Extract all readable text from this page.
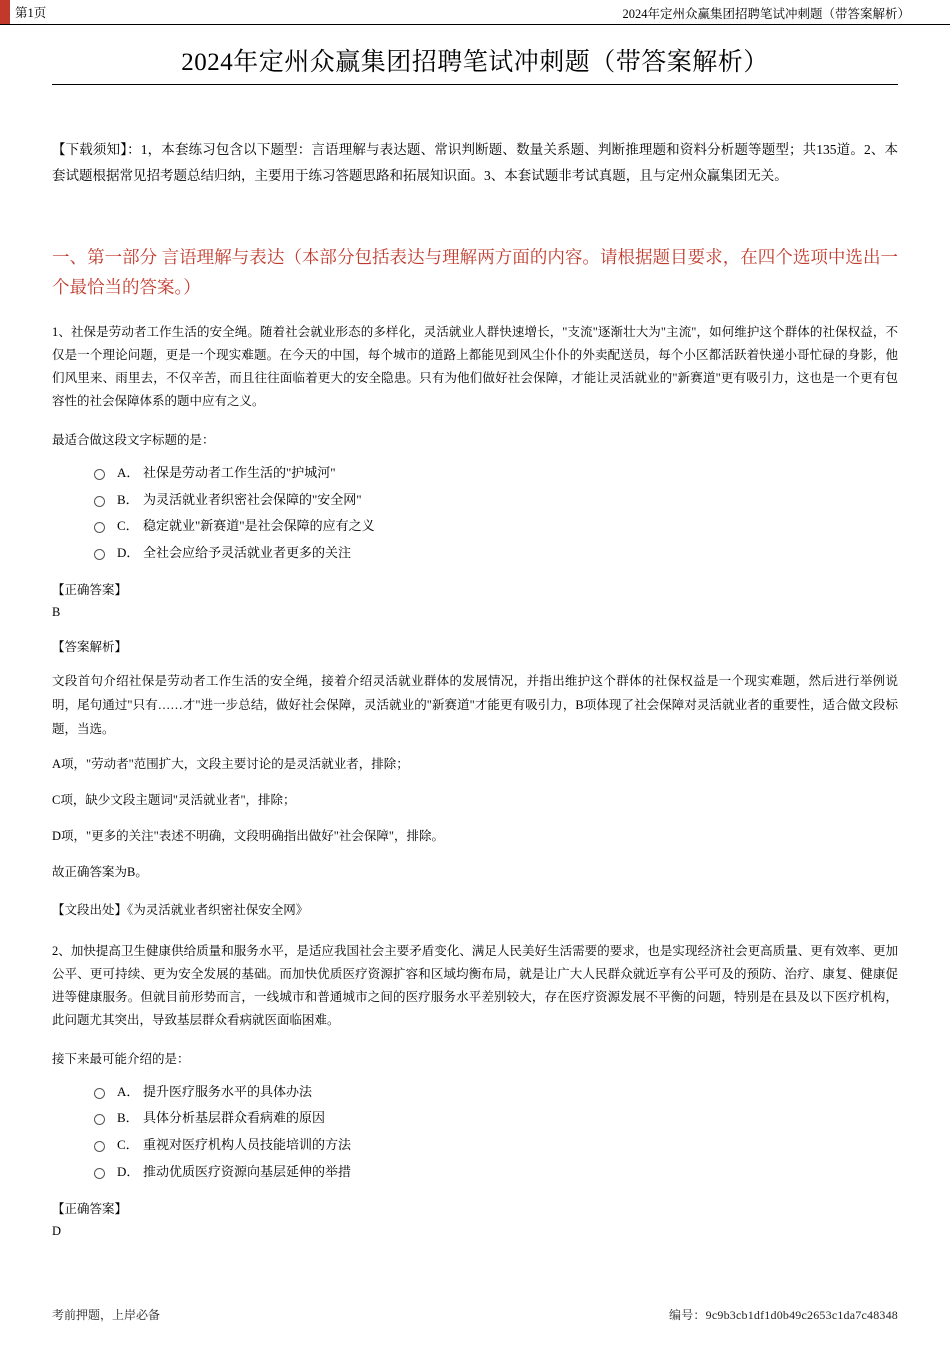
第1页	2024年定州众赢集团招聘笔试冲刺题（带答案解析）
2024年定州众赢集团招聘笔试冲刺题（带答案解析）
【下载须知】：1，本套练习包含以下题型：言语理解与表达题、常识判断题、数量关系题、判断推理题和资料分析题等题型；共135道。2、本套试题根据常见招考题总结归纳，主要用于练习答题思路和拓展知识面。3、本套试题非考试真题，且与定州众赢集团无关。
一、第一部分 言语理解与表达（本部分包括表达与理解两方面的内容。请根据题目要求，在四个选项中选出一个最恰当的答案。）
1、社保是劳动者工作生活的安全绳。随着社会就业形态的多样化，灵活就业人群快速增长，"支流"逐渐壮大为"主流"，如何维护这个群体的社保权益，不仅是一个理论问题，更是一个现实难题。在今天的中国，每个城市的道路上都能见到风尘仆仆的外卖配送员，每个小区都活跃着快递小哥忙碌的身影，他们风里来、雨里去，不仅辛苦，而且往往面临着更大的安全隐患。只有为他们做好社会保障，才能让灵活就业的"新赛道"更有吸引力，这也是一个更有包容性的社会保障体系的题中应有之义。
最适合做这段文字标题的是：
A． 社保是劳动者工作生活的"护城河"
B． 为灵活就业者织密社会保障的"安全网"
C． 稳定就业"新赛道"是社会保障的应有之义
D． 全社会应给予灵活就业者更多的关注
【正确答案】
B
【答案解析】
文段首句介绍社保是劳动者工作生活的安全绳，接着介绍灵活就业群体的发展情况，并指出维护这个群体的社保权益是一个现实难题，然后进行举例说明，尾句通过"只有……才"进一步总结，做好社会保障，灵活就业的"新赛道"才能更有吸引力，B项体现了社会保障对灵活就业者的重要性，适合做文段标题，当选。
A项，"劳动者"范围扩大，文段主要讨论的是灵活就业者，排除；
C项，缺少文段主题词"灵活就业者"，排除；
D项，"更多的关注"表述不明确，文段明确指出做好"社会保障"，排除。
故正确答案为B。
【文段出处】《为灵活就业者织密社保安全网》
2、加快提高卫生健康供给质量和服务水平，是适应我国社会主要矛盾变化、满足人民美好生活需要的要求，也是实现经济社会更高质量、更有效率、更加公平、更可持续、更为安全发展的基础。而加快优质医疗资源扩容和区域均衡布局，就是让广大人民群众就近享有公平可及的预防、治疗、康复、健康促进等健康服务。但就目前形势而言，一线城市和普通城市之间的医疗服务水平差别较大，存在医疗资源发展不平衡的问题，特别是在县及以下医疗机构，此问题尤其突出，导致基层群众看病就医面临困难。
接下来最可能介绍的是：
A． 提升医疗服务水平的具体办法
B． 具体分析基层群众看病难的原因
C． 重视对医疗机构人员技能培训的方法
D． 推动优质医疗资源向基层延伸的举措
【正确答案】
D
考前押题，上岸必备	编号：9c9b3cb1df1d0b49c2653c1da7c48348
